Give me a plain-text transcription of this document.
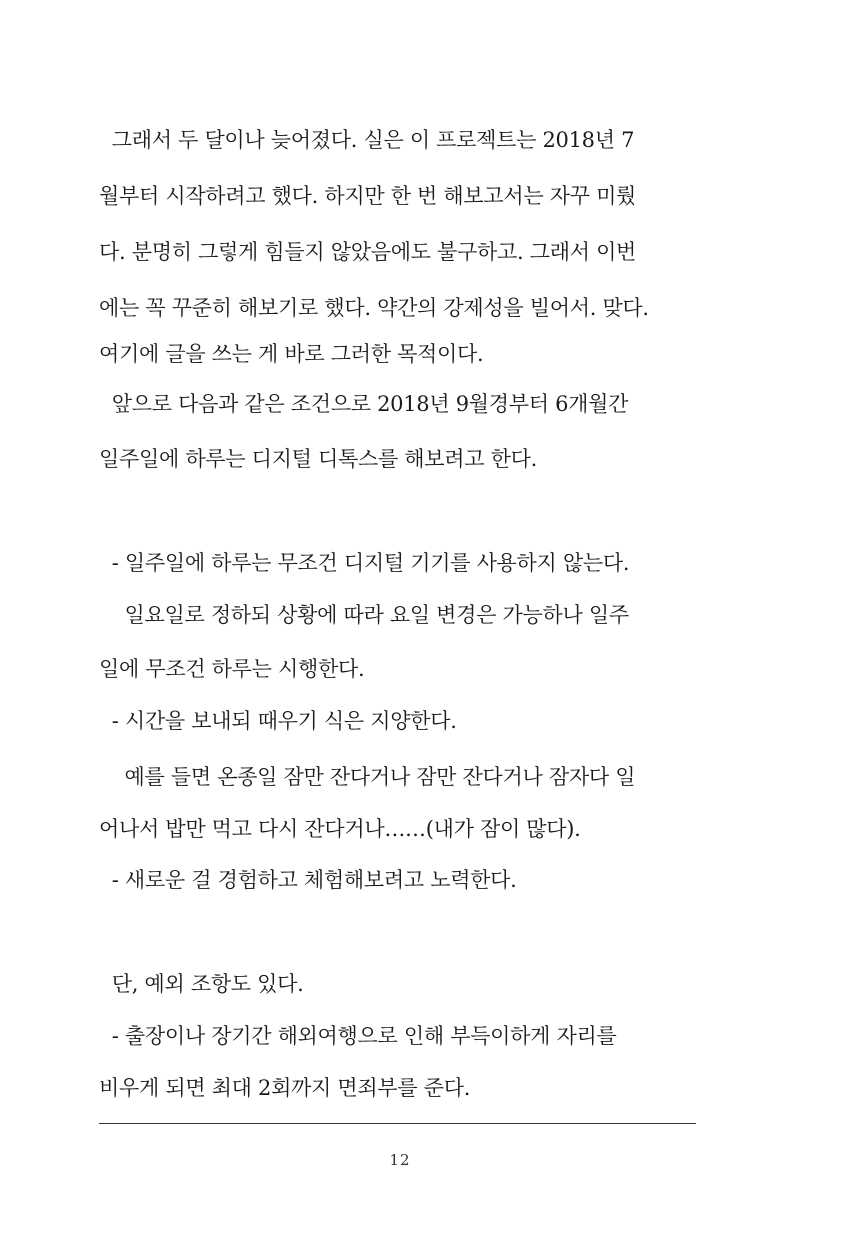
그래서 두 달이나 늦어졌다. 실은 이 프로젝트는 2018년 7

월부터 시작하려고 했다. 하지만 한 번 해보고서는 자꾸 미뤘

다. 분명히 그렇게 힘들지 않았음에도 불구하고. 그래서 이번

에는 꼭 꾸준히 해보기로 했다. 약간의 강제성을 빌어서. 맞다.

여기에 글을 쓰는 게 바로 그러한 목적이다.

앞으로 다음과 같은 조건으로 2018년 9월경부터 6개월간

일주일에 하루는 디지털 디톡스를 해보려고 한다.

- 일주일에 하루는 무조건 디지털 기기를 사용하지 않는다.

일요일로 정하되 상황에 따라 요일 변경은 가능하나 일주

일에 무조건 하루는 시행한다.

- 시간을 보내되 때우기 식은 지양한다.

예를 들면 온종일 잠만 잔다거나 잠만 잔다거나 잠자다 일

어나서 밥만 먹고 다시 잔다거나……(내가 잠이 많다).

- 새로운 걸 경험하고 체험해보려고 노력한다.

단, 예외 조항도 있다.

- 출장이나 장기간 해외여행으로 인해 부득이하게 자리를

비우게 되면 최대 2회까지 면죄부를 준다.

12
